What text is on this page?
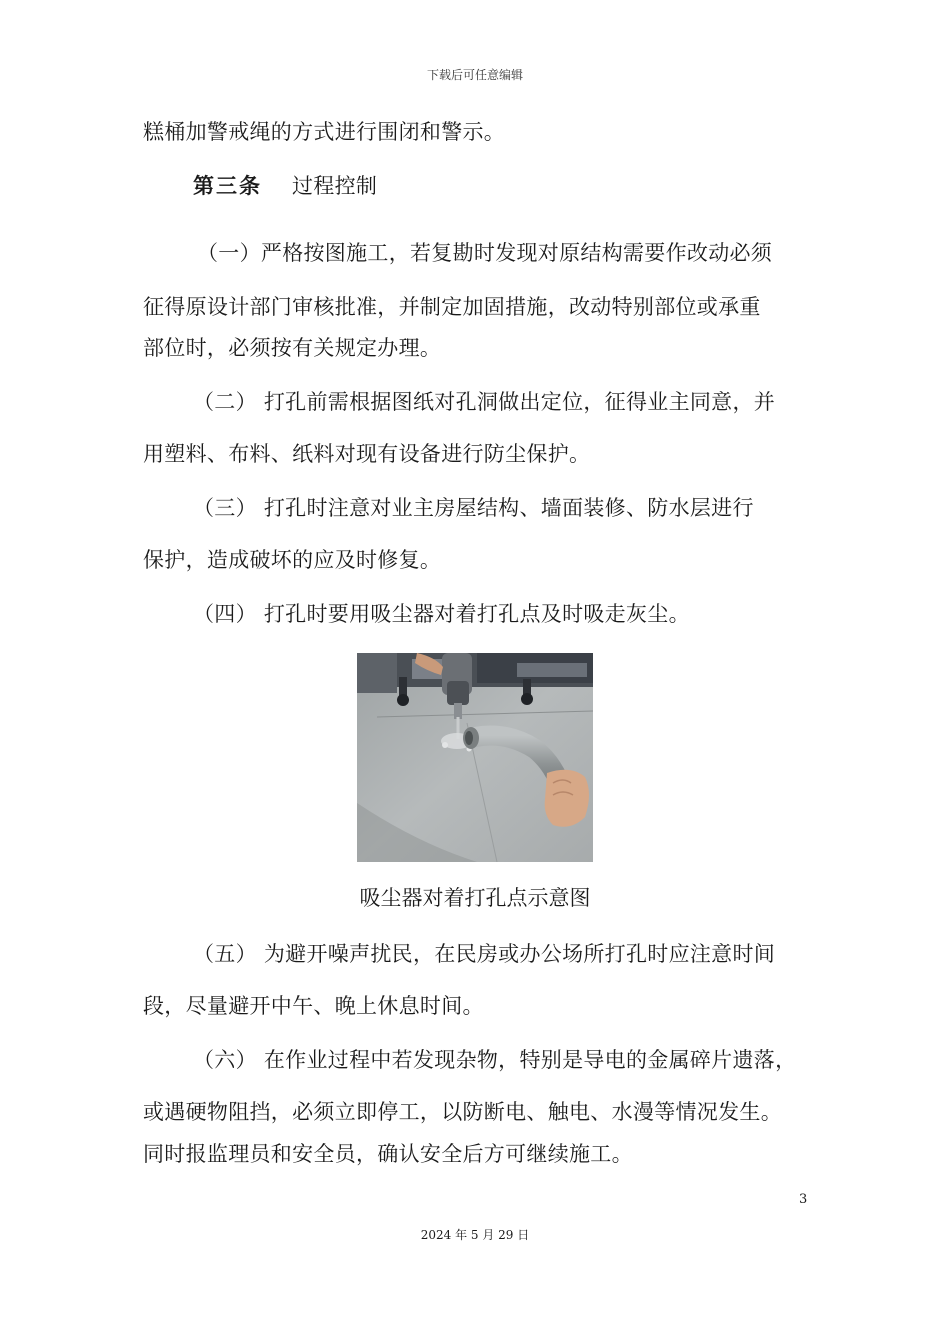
下载后可任意编辑
糕桶加警戒绳的方式进行围闭和警示。
第三条 过程控制
（一）严格按图施工，若复勘时发现对原结构需要作改动必须
征得原设计部门审核批准，并制定加固措施，改动特别部位或承重
部位时，必须按有关规定办理。
（二） 打孔前需根据图纸对孔洞做出定位，征得业主同意，并
用塑料、布料、纸料对现有设备进行防尘保护。
（三） 打孔时注意对业主房屋结构、墙面装修、防水层进行
保护，造成破坏的应及时修复。
（四） 打孔时要用吸尘器对着打孔点及时吸走灰尘。
吸尘器对着打孔点示意图
（五） 为避开噪声扰民，在民房或办公场所打孔时应注意时间
段，尽量避开中午、晚上休息时间。
（六） 在作业过程中若发现杂物，特别是导电的金属碎片遗落，
或遇硬物阻挡，必须立即停工，以防断电、触电、水漫等情况发生。
同时报监理员和安全员，确认安全后方可继续施工。
3
2024 年 5 月 29 日
